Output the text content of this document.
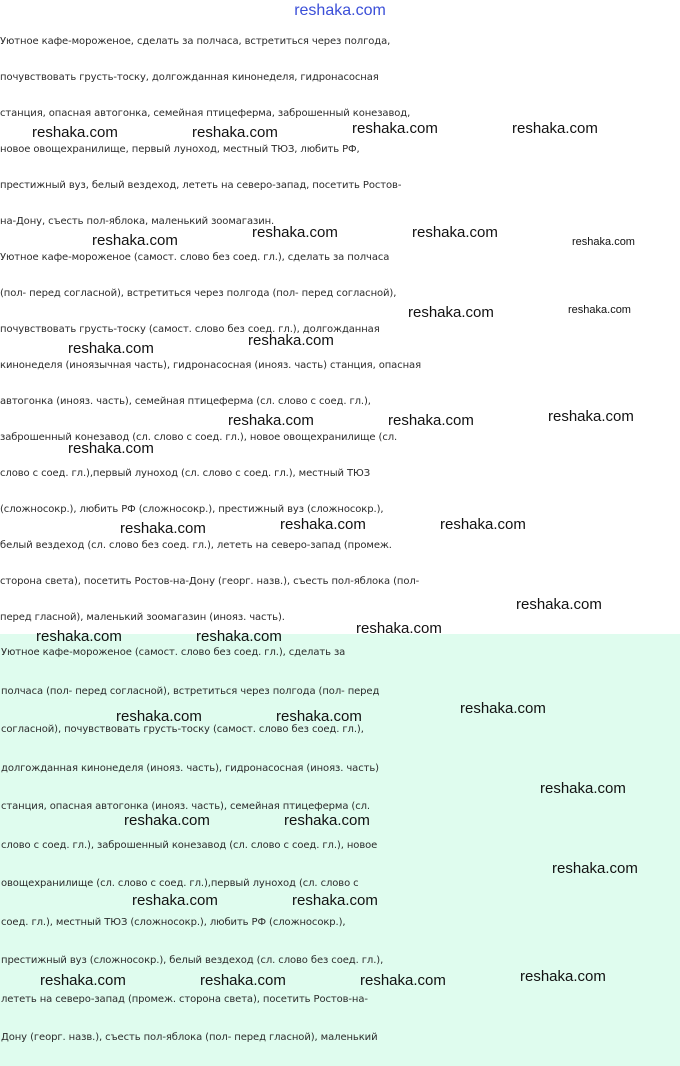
reshaka.com
Уютное кафе-мороженое, сделать за полчаса, встретиться через полгода,
почувствовать грусть-тоску, долгожданная кинонеделя, гидронасосная
станция, опасная автогонка, семейная птицеферма, заброшенный конезавод,
новое овощехранилище, первый луноход, местный ТЮЗ, любить РФ,
престижный вуз, белый вездеход, лететь на северо-запад, посетить Ростов-
на-Дону, съесть пол-яблока, маленький зоомагазин.
Уютное кафе-мороженое (самост. слово без соед. гл.), сделать за полчаса
(пол- перед согласной), встретиться через полгода (пол- перед согласной),
почувствовать грусть-тоску (самост. слово без соед. гл.), долгожданная
кинонеделя (иноязычная часть), гидронасосная (инояз. часть) станция, опасная
автогонка (инояз. часть), семейная птицеферма (сл. слово с соед. гл.),
заброшенный конезавод (сл. слово с соед. гл.), новое овощехранилище (сл.
слово с соед. гл.),первый луноход (сл. слово с соед. гл.), местный ТЮЗ
(сложносокр.), любить РФ (сложносокр.), престижный вуз (сложносокр.),
белый вездеход (сл. слово без соед. гл.), лететь на северо-запад (промеж.
сторона света), посетить Ростов-на-Дону (георг. назв.), съесть пол-яблока (пол-
перед гласной), маленький зоомагазин (инояз. часть).
Уютное кафе-мороженое (самост. слово без соед. гл.), сделать за
полчаса (пол- перед согласной), встретиться через полгода (пол- перед
согласной), почувствовать грусть-тоску (самост. слово без соед. гл.),
долгожданная кинонеделя (инояз. часть), гидронасосная (инояз. часть)
станция, опасная автогонка (инояз. часть), семейная птицеферма (сл.
слово с соед. гл.), заброшенный конезавод (сл. слово с соед. гл.), новое
овощехранилище (сл. слово с соед. гл.),первый луноход (сл. слово с
соед. гл.), местный ТЮЗ (сложносокр.), любить РФ (сложносокр.),
престижный вуз (сложносокр.), белый вездеход (сл. слово без соед. гл.),
лететь на северо-запад (промеж. сторона света), посетить Ростов-на-
Дону (георг. назв.), съесть пол-яблока (пол- перед гласной), маленький
reshaka.com	reshaka.com	reshaka.com	reshaka.com
reshaka.com	reshaka.com	reshaka.com
reshaka.com
reshaka.com	reshaka.com
reshaka.com
reshaka.com
reshaka.com	reshaka.com	reshaka.com
reshaka.com
reshaka.com	reshaka.com	reshaka.com
reshaka.com
reshaka.com	reshaka.com	reshaka.com
reshaka.com
reshaka.com	reshaka.com
reshaka.com
reshaka.com	reshaka.com
reshaka.com
reshaka.com	reshaka.com
reshaka.com	reshaka.com	reshaka.com	reshaka.com
